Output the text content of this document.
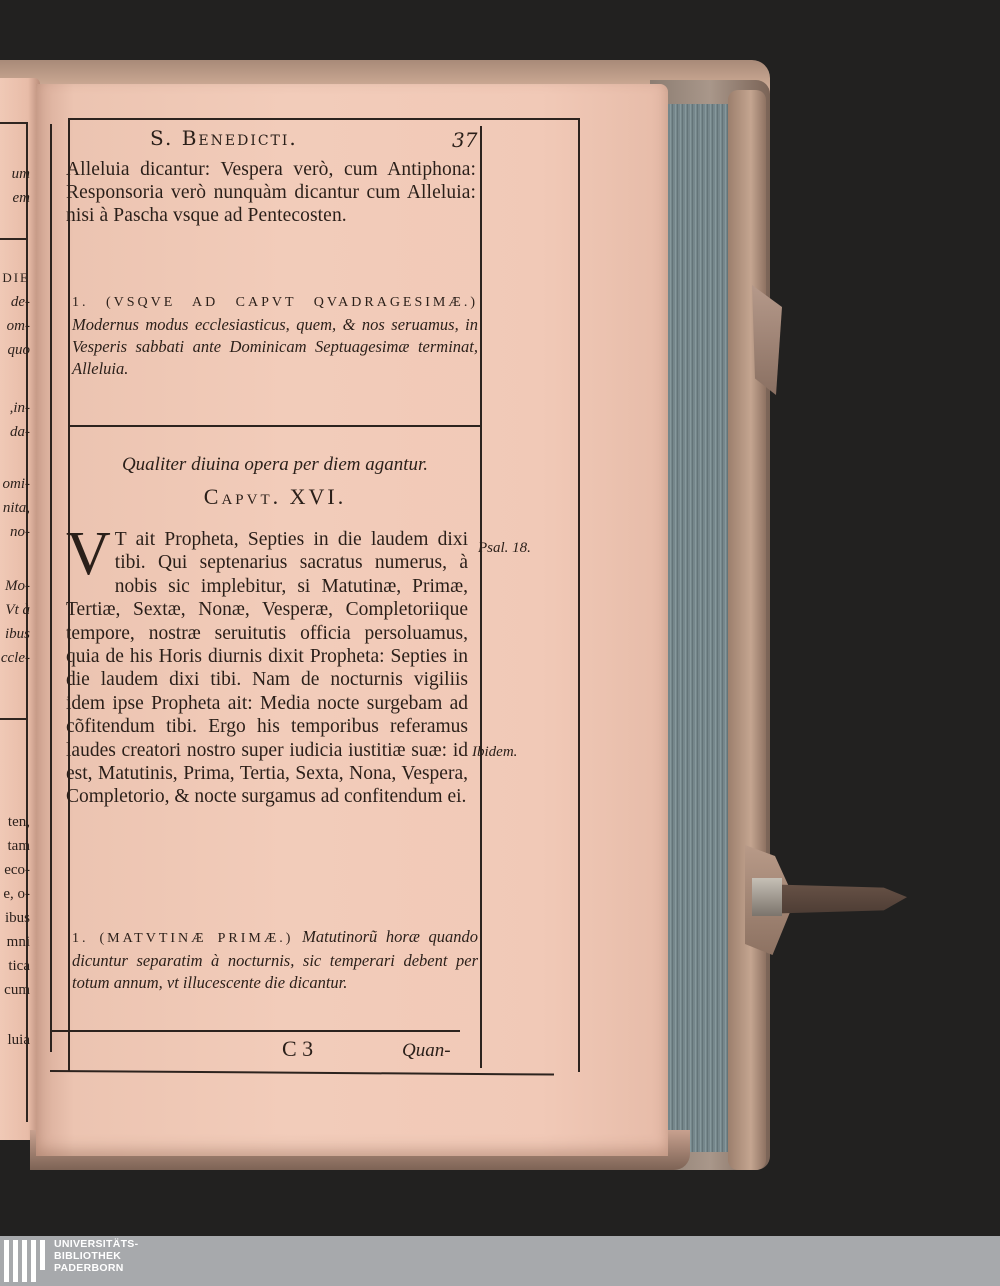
um
em
DIE
de-
om-
quo
,in-
da-
omi-
nita,
no-
Mo-
Vt à
ibus
ccle-
ten,
tam
eco-
e, o-
ibus
mni
tica
cum
luia
S. Benedicti.	37
Alleluia dicantur: Vespera verò, cum Antiphona: Responsoria verò nunquàm dicantur cum Alleluia: nisi à Pascha vsque ad Pentecosten.
1. (VSQVE AD CAPVT QVADRAGESIMÆ.) Modernus modus ecclesiasticus, quem, & nos seruamus, in Vesperis sabbati ante Dominicam Septuagesimæ terminat, Alleluia.
Qualiter diuina opera per diem agantur.
Capvt. XVI.
V T ait Propheta, Septies in die laudem dixi tibi. Qui septenarius sacratus numerus, à nobis sic implebitur, si Matutinæ, Primæ, Tertiæ, Sextæ, Nonæ, Vesperæ, Completoriique tempore, nostræ seruitutis officia persoluamus, quia de his Horis diurnis dixit Propheta: Septies in die laudem dixi tibi. Nam de nocturnis vigiliis idem ipse Propheta ait: Media nocte surgebam ad cõfitendum tibi. Ergo his temporibus referamus laudes creatori nostro super iudicia iustitiæ suæ: id est, Matutinis, Prima, Tertia, Sexta, Nona, Vespera, Completorio, & nocte surgamus ad confitendum ei.
Psal. 18.
Ibidem.
1. (MATVTINÆ PRIMÆ.) Matutinorũ horæ quando dicuntur separatim à nocturnis, sic temperari debent per totum annum, vt illucescente die dicantur.
C 3	Quan-
UNIVERSITÄTS-
BIBLIOTHEK
PADERBORN
